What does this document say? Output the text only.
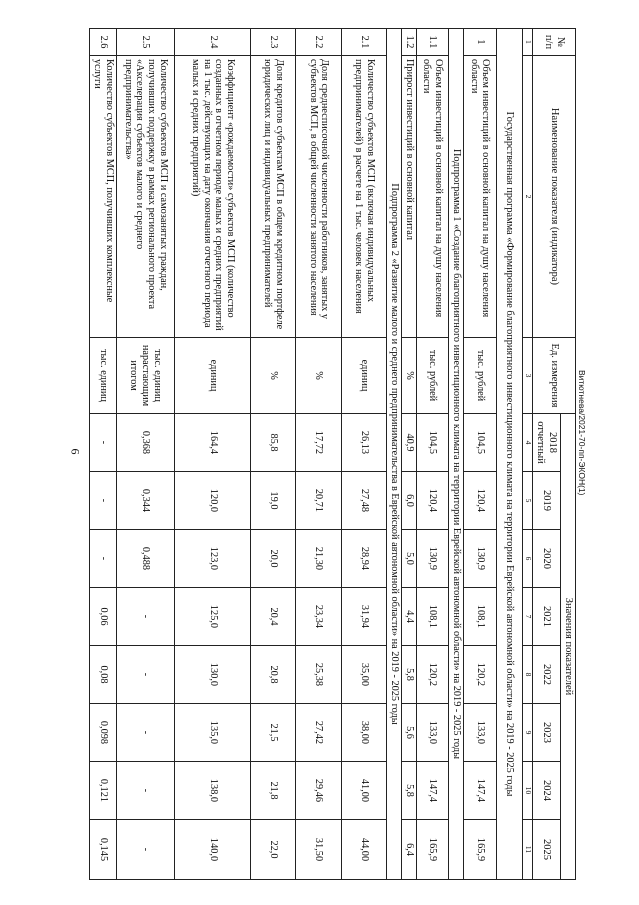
6	Витютнева/2021-70-пп-ЭКОН(1)
№ п/п	Наименование показателя (индикатора)	Ед. измерения	Значения показателей							
			2018 отчетный	2019	2020	2021	2022	2023	2024	2025
1	2	3	4	5	6	7	8	9	10	11
Государственная программа «Формирование благоприятного инвестиционного климата на территории Еврейской автономной области» на 2019 - 2025 годы										
1	Объем инвестиций в основной капитал на душу населения области	тыс. рублей	104,5	120,4	130,9	108,1	120,2	133,0	147,4	165,9
Подпрограмма 1 «Создание благоприятного инвестиционного климата на территории Еврейской автономной области» на 2019 - 2025 годы										
1.1	Объем инвестиций в основной капитал на душу населения области	тыс. рублей	104,5	120,4	130,9	108,1	120,2	133,0	147,4	165,9
1.2	Прирост инвестиций в основной капитал	%	40,9	6,0	5,0	4,4	5,8	5,6	5,8	6,4
Подпрограмма 2 «Развитие малого и среднего предпринимательства в Еврейской автономной области» на 2019 - 2025 годы										
2.1	Количество субъектов МСП (включая индивидуальных предпринимателей) в расчете на 1 тыс. человек населения	единиц	26,13	27,48	28,94	31,94	35,00	38,00	41,00	44,00
2.2	Доля среднесписочной численности работников, занятых у субъектов МСП, в общей численности занятого населения	%	17,72	20,71	21,30	23,34	25,38	27,42	29,46	31,50
2.3	Доля кредитов субъектам МСП в общем кредитном портфеле юридических лиц и индивидуальных предпринимателей	%	85,8	19,0	20,0	20,4	20,8	21,5	21,8	22,0
2.4	Коэффициент «рождаемости» субъектов МСП (количество созданных в отчетном периоде малых и средних предприятий на 1 тыс. действующих на дату окончания отчетного периода малых и средних предприятий)	единиц	164,4	120,0	123,0	125,0	130,0	135,0	138,0	140,0
2.5	Количество субъектов МСП и самозанятых граждан, получивших поддержку в рамках регионального проекта «Акселерация субъектов малого и среднего предпринимательства»	тыс. единиц нарастающим итогом	0,368	0,344	0,488	-	-	-	-	-
2.6	Количество субъектов МСП, получивших комплексные услуги	тыс. единиц	-	-	-	0,06	0,08	0,098	0,121	0,145
